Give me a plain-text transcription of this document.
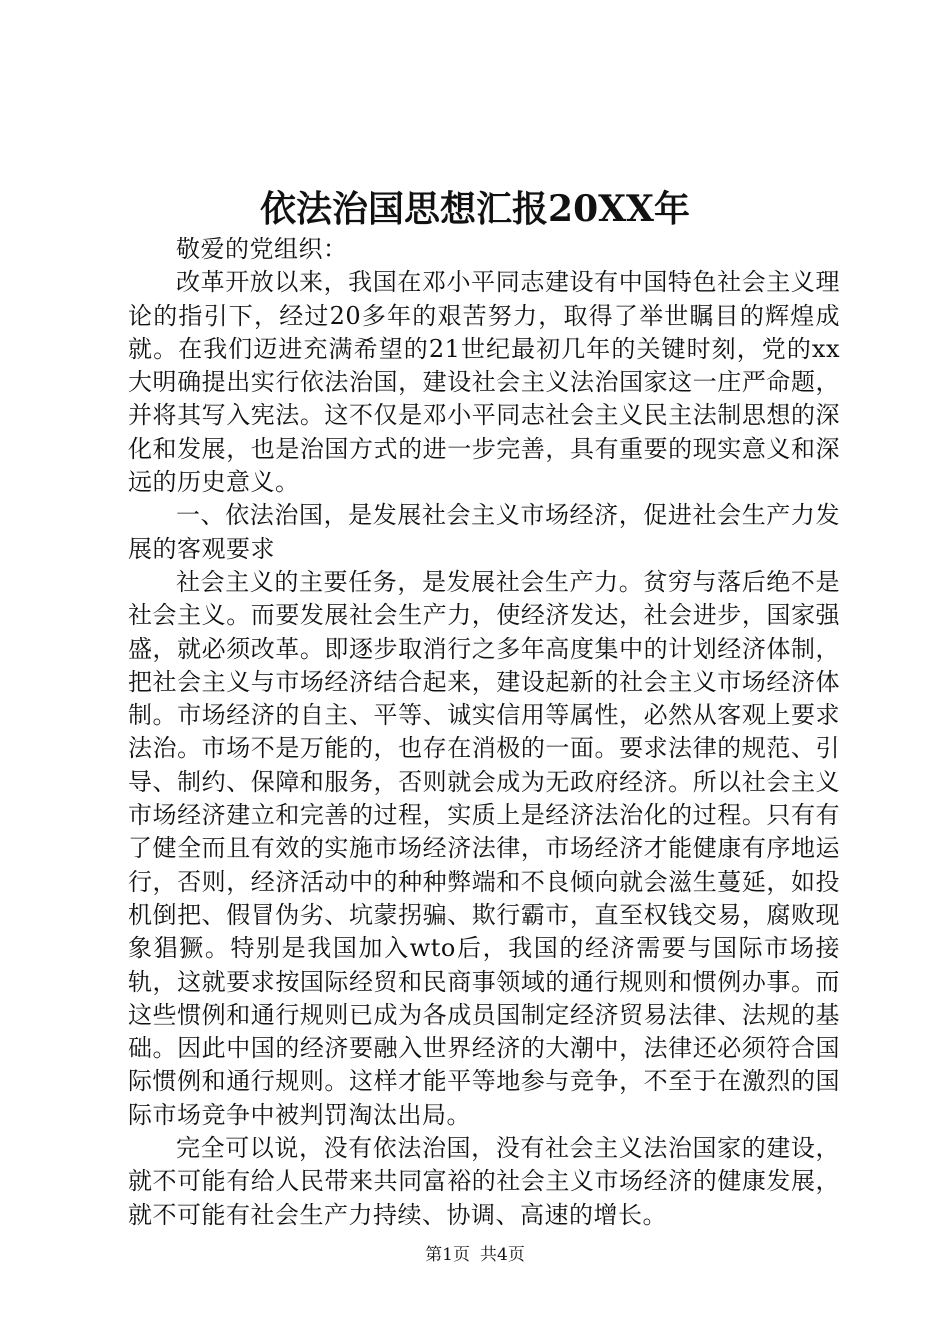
依法治国思想汇报20XX年

敬爱的党组织：

改革开放以来，我国在邓小平同志建设有中国特色社会主义理论的指引下，经过20多年的艰苦努力，取得了举世瞩目的辉煌成就。在我们迈进充满希望的21世纪最初几年的关键时刻，党的xx大明确提出实行依法治国，建设社会主义法治国家这一庄严命题，并将其写入宪法。这不仅是邓小平同志社会主义民主法制思想的深化和发展，也是治国方式的进一步完善，具有重要的现实意义和深远的历史意义。

一、依法治国，是发展社会主义市场经济，促进社会生产力发展的客观要求

社会主义的主要任务，是发展社会生产力。贫穷与落后绝不是社会主义。而要发展社会生产力，使经济发达，社会进步，国家强盛，就必须改革。即逐步取消行之多年高度集中的计划经济体制，把社会主义与市场经济结合起来，建设起新的社会主义市场经济体制。市场经济的自主、平等、诚实信用等属性，必然从客观上要求法治。市场不是万能的，也存在消极的一面。要求法律的规范、引导、制约、保障和服务，否则就会成为无政府经济。所以社会主义市场经济建立和完善的过程，实质上是经济法治化的过程。只有有了健全而且有效的实施市场经济法律，市场经济才能健康有序地运行，否则，经济活动中的种种弊端和不良倾向就会滋生蔓延，如投机倒把、假冒伪劣、坑蒙拐骗、欺行霸市，直至权钱交易，腐败现象猖獗。特别是我国加入wto后，我国的经济需要与国际市场接轨，这就要求按国际经贸和民商事领域的通行规则和惯例办事。而这些惯例和通行规则已成为各成员国制定经济贸易法律、法规的基础。因此中国的经济要融入世界经济的大潮中，法律还必须符合国际惯例和通行规则。这样才能平等地参与竞争，不至于在激烈的国际市场竞争中被判罚淘汰出局。

完全可以说，没有依法治国，没有社会主义法治国家的建设，就不可能有给人民带来共同富裕的社会主义市场经济的健康发展，就不可能有社会生产力持续、协调、高速的增长。

第1页 共4页
